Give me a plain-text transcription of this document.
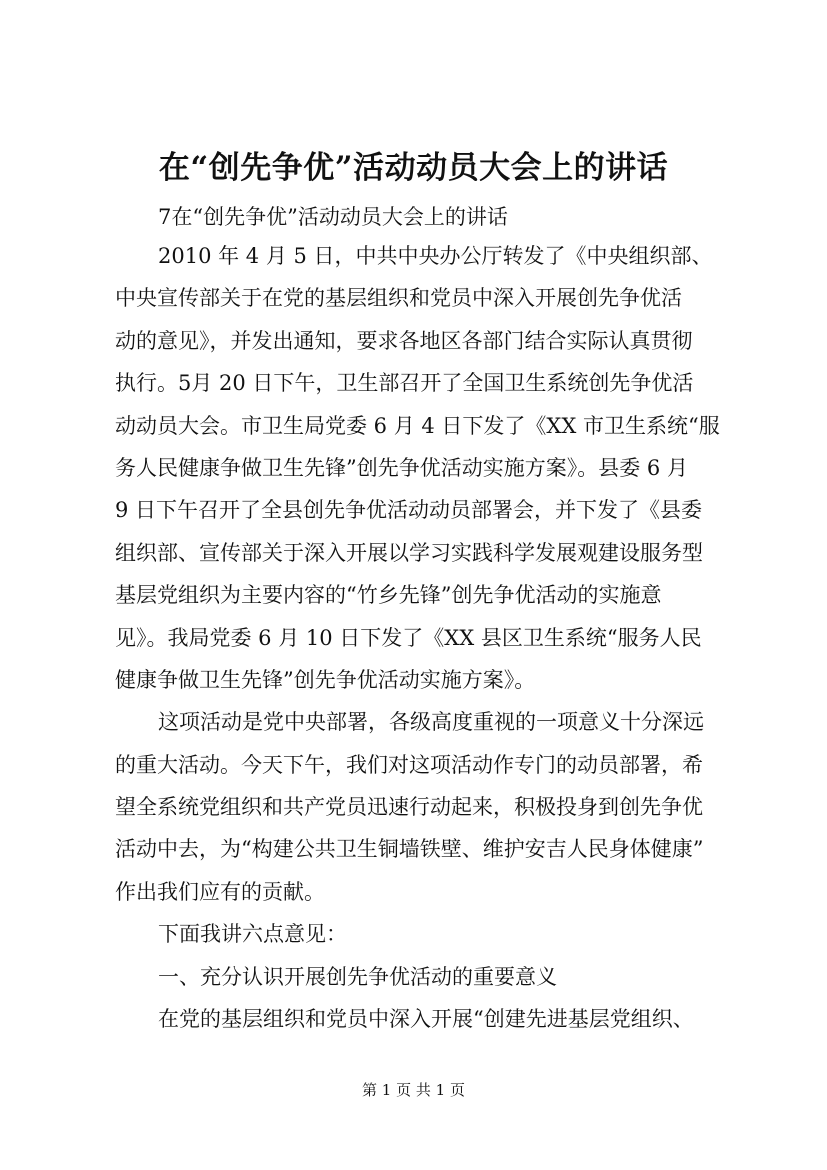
在“创先争优”活动动员大会上的讲话
7在“创先争优”活动动员大会上的讲话
2010 年 4 月 5 日，中共中央办公厅转发了《中央组织部、
中央宣传部关于在党的基层组织和党员中深入开展创先争优活
动的意见》，并发出通知，要求各地区各部门结合实际认真贯彻
执行。5月 20 日下午，卫生部召开了全国卫生系统创先争优活
动动员大会。市卫生局党委 6 月 4 日下发了《XX 市卫生系统“服
务人民健康争做卫生先锋”创先争优活动实施方案》。县委 6 月
9 日下午召开了全县创先争优活动动员部署会，并下发了《县委
组织部、宣传部关于深入开展以学习实践科学发展观建设服务型
基层党组织为主要内容的“竹乡先锋”创先争优活动的实施意
见》。我局党委 6 月 10 日下发了《XX 县区卫生系统“服务人民
健康争做卫生先锋”创先争优活动实施方案》。
这项活动是党中央部署，各级高度重视的一项意义十分深远
的重大活动。今天下午，我们对这项活动作专门的动员部署，希
望全系统党组织和共产党员迅速行动起来，积极投身到创先争优
活动中去，为“构建公共卫生铜墙铁壁、维护安吉人民身体健康”
作出我们应有的贡献。
下面我讲六点意见：
一、充分认识开展创先争优活动的重要意义
在党的基层组织和党员中深入开展“创建先进基层党组织、
第 1 页 共 1 页
